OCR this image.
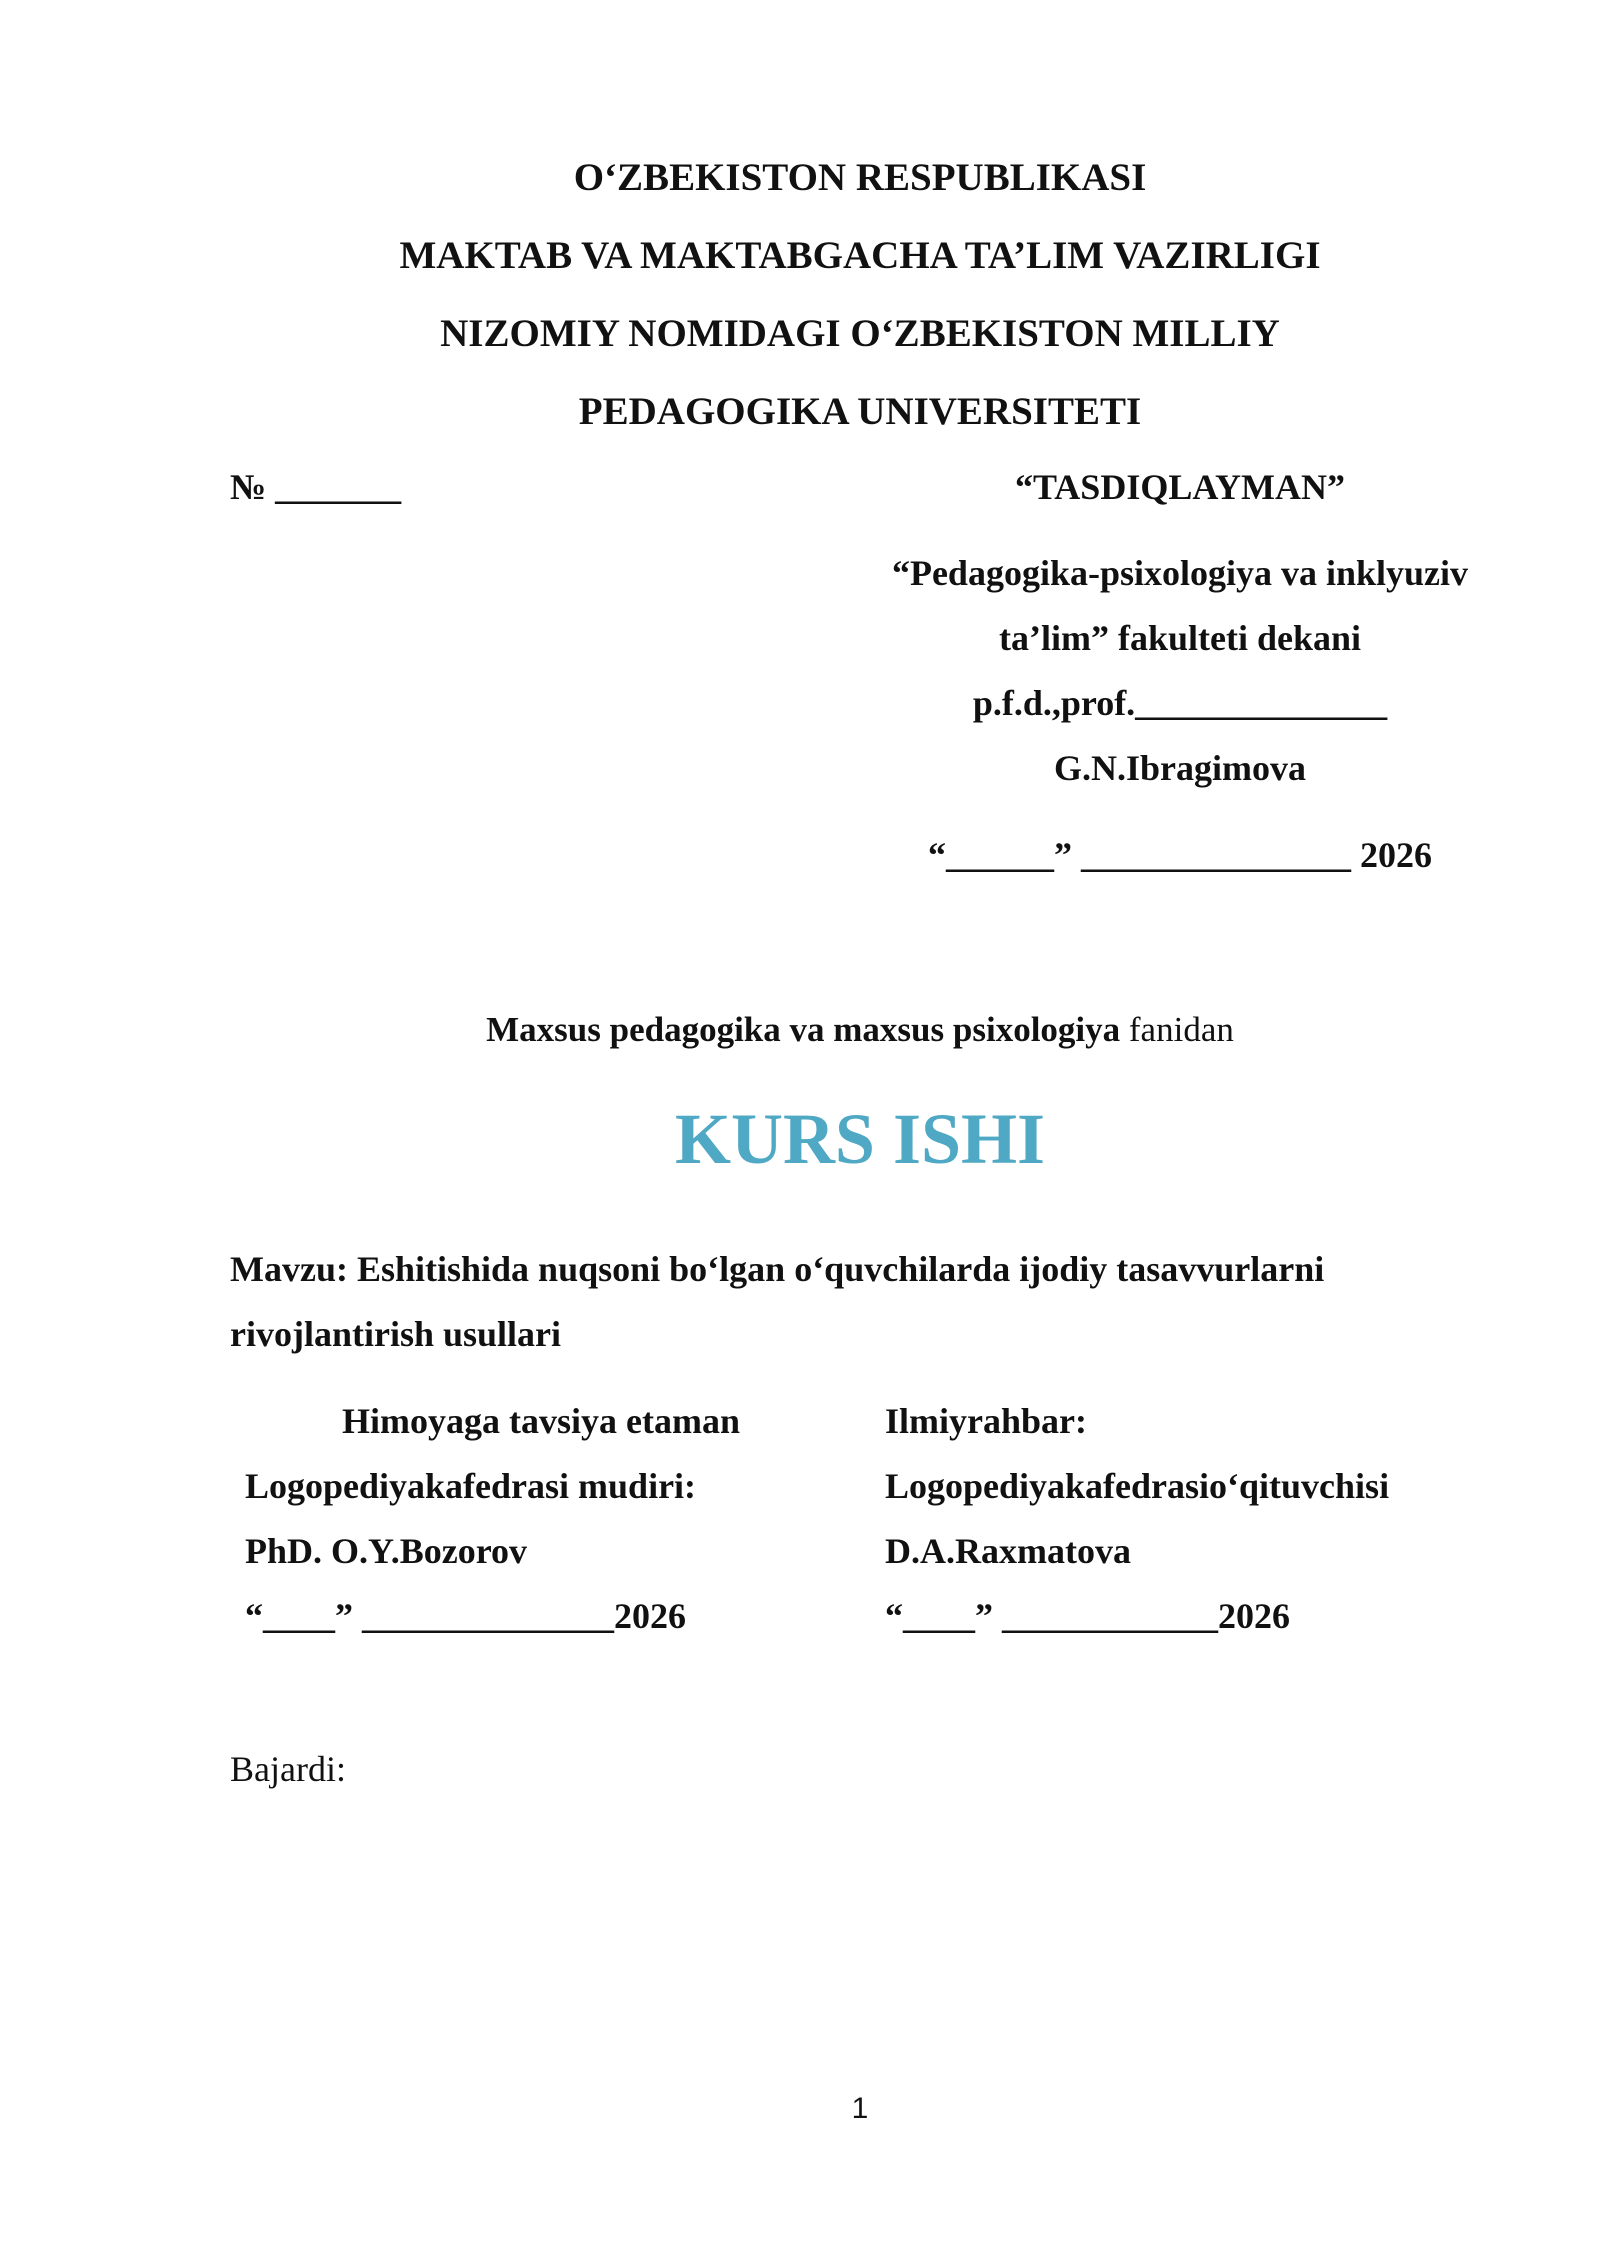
O‘ZBEKISTON RESPUBLIKASI
MAKTAB VA MAKTABGACHA TA’LIM VAZIRLIGI
NIZOMIY NOMIDAGI O‘ZBEKISTON MILLIY
PEDAGOGIKA UNIVERSITETI
№ _______	“TASDIQLAYMAN”
“Pedagogika-psixologiya va inklyuziv
ta’lim” fakulteti dekani
p.f.d.,prof.______________
G.N.Ibragimova
“______” _______________ 2026
Maxsus pedagogika va maxsus psixologiya fanidan
KURS ISHI
Mavzu: Eshitishida nuqsoni bo‘lgan o‘quvchilarda ijodiy tasavvurlarni
rivojlantirish usullari
Himoyaga tavsiya etaman
Logopediyakafedrasi mudiri:
PhD. O.Y.Bozorov
“____” ______________2026
Ilmiyrahbar:
Logopediyakafedrasio‘qituvchisi
D.A.Raxmatova
“____” ____________2026
Bajardi:
1
